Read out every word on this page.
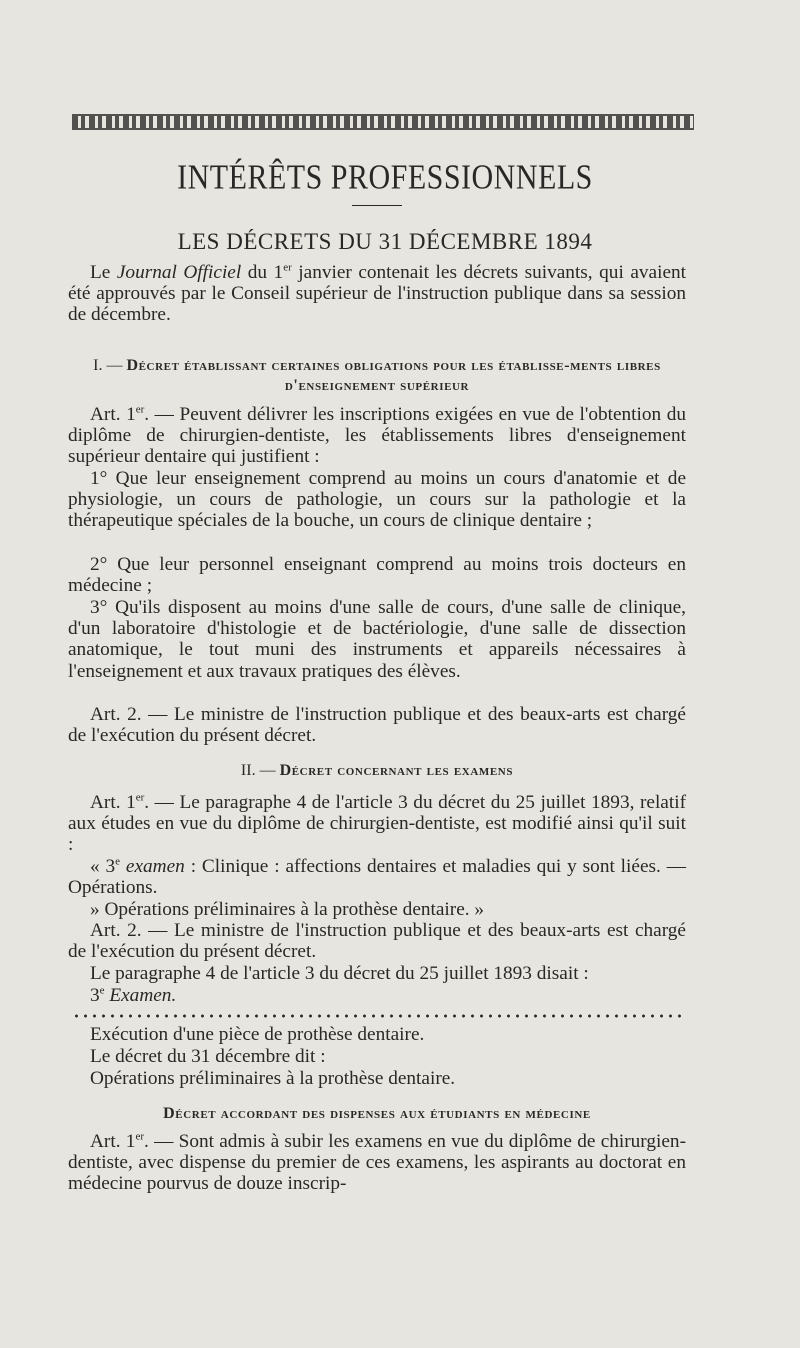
INTÉRÊTS PROFESSIONNELS
LES DÉCRETS DU 31 DÉCEMBRE 1894
Le Journal Officiel du 1er janvier contenait les décrets suivants, qui avaient été approuvés par le Conseil supérieur de l'instruction publique dans sa session de décembre.
I. — Décret établissant certaines obligations pour les établisse-ments libres d'enseignement supérieur
Art. 1er. — Peuvent délivrer les inscriptions exigées en vue de l'obtention du diplôme de chirurgien-dentiste, les établissements libres d'enseignement supérieur dentaire qui justifient :
1° Que leur enseignement comprend au moins un cours d'anatomie et de physiologie, un cours de pathologie, un cours sur la pathologie et la thérapeutique spéciales de la bouche, un cours de clinique dentaire ;
2° Que leur personnel enseignant comprend au moins trois docteurs en médecine ;
3° Qu'ils disposent au moins d'une salle de cours, d'une salle de clinique, d'un laboratoire d'histologie et de bactériologie, d'une salle de dissection anatomique, le tout muni des instruments et appareils nécessaires à l'enseignement et aux travaux pratiques des élèves.
Art. 2. — Le ministre de l'instruction publique et des beaux-arts est chargé de l'exécution du présent décret.
II. — Décret concernant les examens
Art. 1er. — Le paragraphe 4 de l'article 3 du décret du 25 juillet 1893, relatif aux études en vue du diplôme de chirurgien-dentiste, est modifié ainsi qu'il suit :
« 3e examen : Clinique : affections dentaires et maladies qui y sont liées. — Opérations.
» Opérations préliminaires à la prothèse dentaire. »
Art. 2. — Le ministre de l'instruction publique et des beaux-arts est chargé de l'exécution du présent décret.
Le paragraphe 4 de l'article 3 du décret du 25 juillet 1893 disait :
3e Examen.
Exécution d'une pièce de prothèse dentaire.
Le décret du 31 décembre dit :
Opérations préliminaires à la prothèse dentaire.
Décret accordant des dispenses aux étudiants en médecine
Art. 1er. — Sont admis à subir les examens en vue du diplôme de chirurgien-dentiste, avec dispense du premier de ces examens, les aspirants au doctorat en médecine pourvus de douze inscrip-
